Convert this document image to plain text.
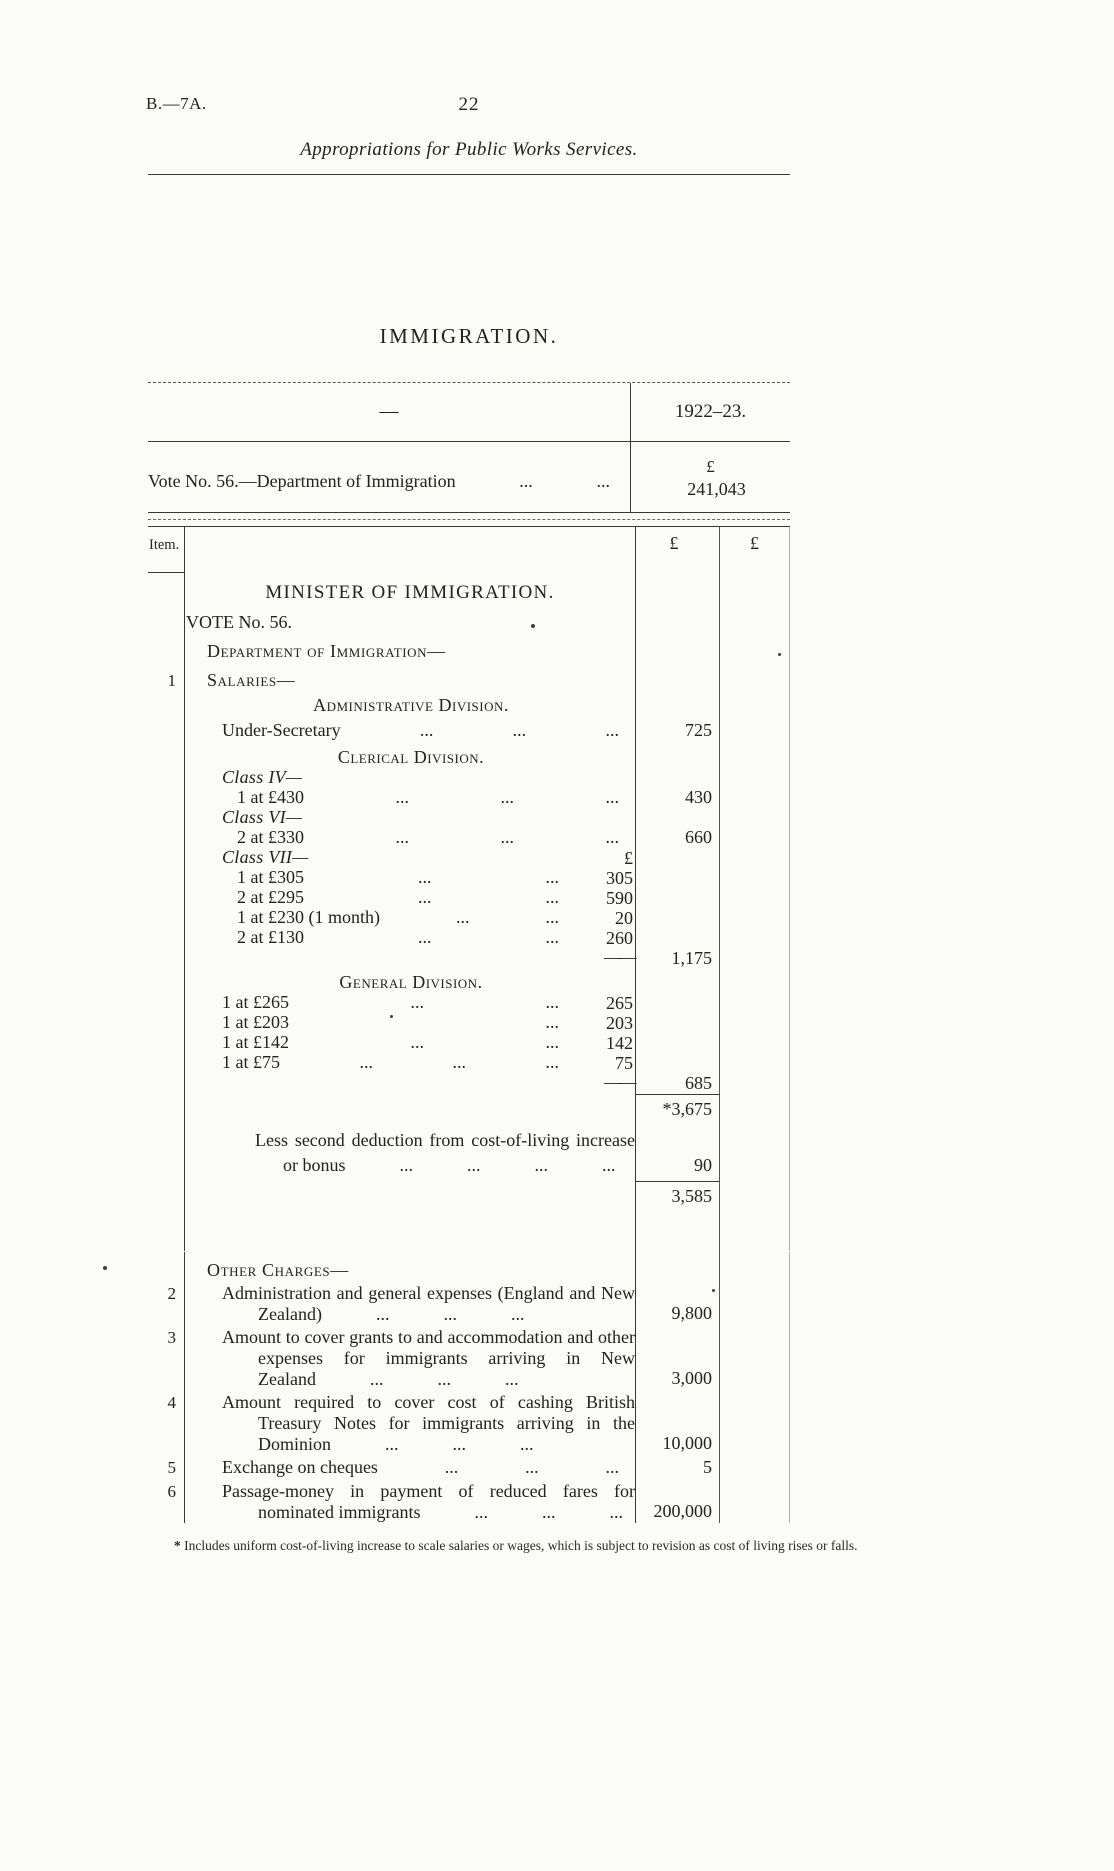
B.—7A.	22
Appropriations for Public Works Services.
IMMIGRATION.
—	1922–23.
Vote No. 56.—Department of Immigration	...	...
£
241,043
Item.	£	£
MINISTER OF IMMIGRATION.
VOTE No. 56.
Department of Immigration—
1	Salaries—
Administrative Division.
Under-Secretary	...	...	...	725
Clerical Division.
Class IV—
1 at £430	...	...	...	430
Class VI—
2 at £330	...	...	...	660
Class VII—	£
1 at £305	...	...	305
2 at £295	...	...	590
1 at £230 (1 month)	...	...	20
2 at £130	...	...	260
—— 1,175
General Division.
1 at £265	...	...	265
1 at £203	...	203
1 at £142	...	...	142
1 at £75	...	...	...	75
——	685
*3,675
Less second deduction from cost-of-living increase or bonus	...	...	...	...	90
3,585
Other Charges—
2	Administration and general expenses (England and New Zealand)	...	...	...	9,800
3	Amount to cover grants to and accommodation and other expenses for immigrants arriving in New Zealand	...	...	...	3,000
4	Amount required to cover cost of cashing British Treasury Notes for immigrants arriving in the Dominion	...	...	...	10,000
5	Exchange on cheques	...	...	...	5
6	Passage-money in payment of reduced fares for nominated immigrants	...	...	...	200,000
* Includes uniform cost-of-living increase to scale salaries or wages, which is subject to revision as cost of living rises or falls.
